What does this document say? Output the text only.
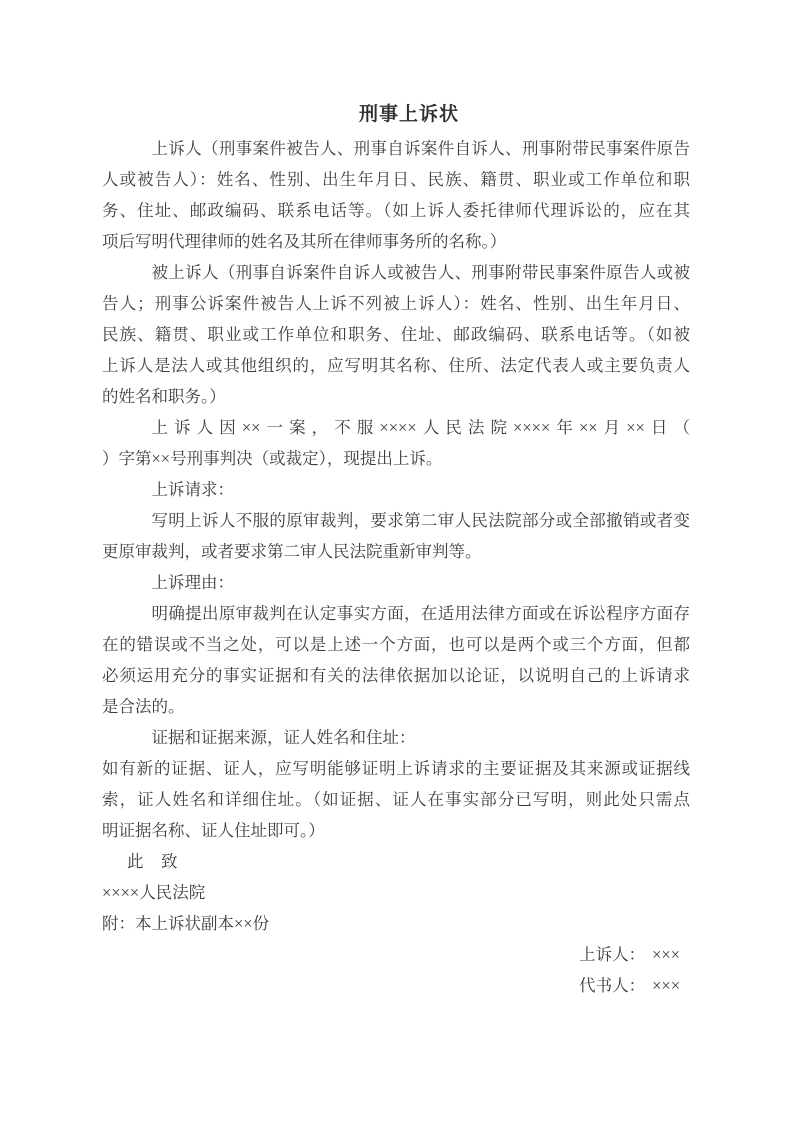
刑事上诉状
上诉人（刑事案件被告人、刑事自诉案件自诉人、刑事附带民事案件原告
人或被告人）：姓名、性别、出生年月日、民族、籍贯、职业或工作单位和职
务、住址、邮政编码、联系电话等。（如上诉人委托律师代理诉讼的，应在其
项后写明代理律师的姓名及其所在律师事务所的名称。）
被上诉人（刑事自诉案件自诉人或被告人、刑事附带民事案件原告人或被
告人；刑事公诉案件被告人上诉不列被上诉人）：姓名、性别、出生年月日、
民族、籍贯、职业或工作单位和职务、住址、邮政编码、联系电话等。（如被
上诉人是法人或其他组织的，应写明其名称、住所、法定代表人或主要负责人
的姓名和职务。）
上诉人因××一案，不服××××人民法院××××年××月××日（
）字第××号刑事判决（或裁定），现提出上诉。
上诉请求：
写明上诉人不服的原审裁判，要求第二审人民法院部分或全部撤销或者变
更原审裁判，或者要求第二审人民法院重新审判等。
上诉理由：
明确提出原审裁判在认定事实方面，在适用法律方面或在诉讼程序方面存
在的错误或不当之处，可以是上述一个方面，也可以是两个或三个方面，但都
必须运用充分的事实证据和有关的法律依据加以论证，以说明自己的上诉请求
是合法的。
证据和证据来源，证人姓名和住址：
如有新的证据、证人，应写明能够证明上诉请求的主要证据及其来源或证据线
索，证人姓名和详细住址。（如证据、证人在事实部分已写明，则此处只需点
明证据名称、证人住址即可。）
此　致
××××人民法院
附：本上诉状副本××份
上诉人： ×××
代书人： ×××
